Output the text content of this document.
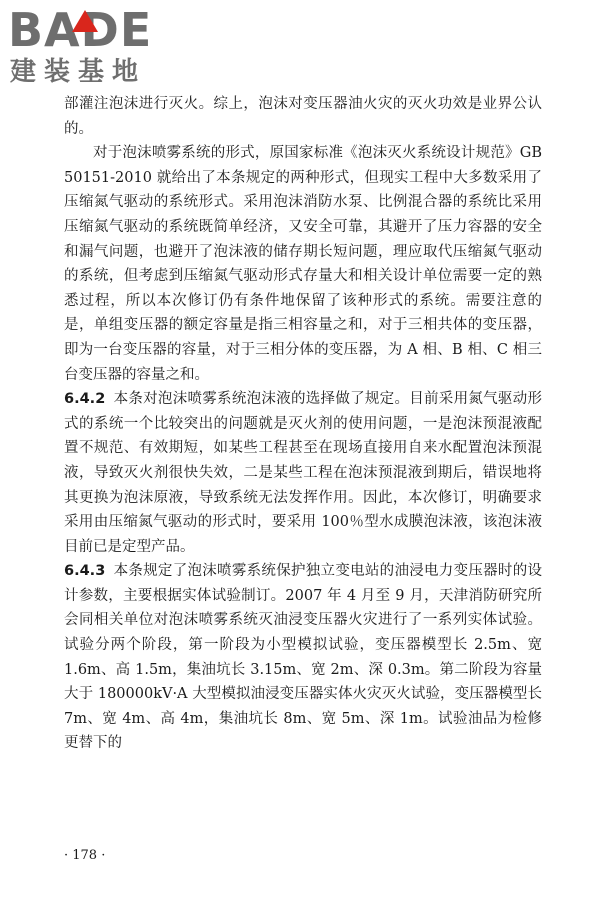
BADE
建装基地

部灌注泡沫进行灭火。综上，泡沫对变压器油火灾的灭火功效是业界公认的。

对于泡沫喷雾系统的形式，原国家标准《泡沫灭火系统设计规范》GB 50151-2010 就给出了本条规定的两种形式，但现实工程中大多数采用了压缩氮气驱动的系统形式。采用泡沫消防水泵、比例混合器的系统比采用压缩氮气驱动的系统既简单经济，又安全可靠，其避开了压力容器的安全和漏气问题，也避开了泡沫液的储存期长短问题，理应取代压缩氮气驱动的系统，但考虑到压缩氮气驱动形式存量大和相关设计单位需要一定的熟悉过程，所以本次修订仍有条件地保留了该种形式的系统。需要注意的是，单组变压器的额定容量是指三相容量之和，对于三相共体的变压器，即为一台变压器的容量，对于三相分体的变压器，为 A 相、B 相、C 相三台变压器的容量之和。

6.4.2 本条对泡沫喷雾系统泡沫液的选择做了规定。目前采用氮气驱动形式的系统一个比较突出的问题就是灭火剂的使用问题，一是泡沫预混液配置不规范、有效期短，如某些工程甚至在现场直接用自来水配置泡沫预混液，导致灭火剂很快失效，二是某些工程在泡沫预混液到期后，错误地将其更换为泡沫原液，导致系统无法发挥作用。因此，本次修订，明确要求采用由压缩氮气驱动的形式时，要采用 100％型水成膜泡沫液，该泡沫液目前已是定型产品。

6.4.3 本条规定了泡沫喷雾系统保护独立变电站的油浸电力变压器时的设计参数，主要根据实体试验制订。2007 年 4 月至 9 月，天津消防研究所会同相关单位对泡沫喷雾系统灭油浸变压器火灾进行了一系列实体试验。试验分两个阶段，第一阶段为小型模拟试验，变压器模型长 2.5m、宽 1.6m、高 1.5m，集油坑长 3.15m、宽 2m、深 0.3m。第二阶段为容量大于 180000kV·A 大型模拟油浸变压器实体火灾灭火试验，变压器模型长 7m、宽 4m、高 4m，集油坑长 8m、宽 5m、深 1m。试验油品为检修更替下的

· 178 ·
